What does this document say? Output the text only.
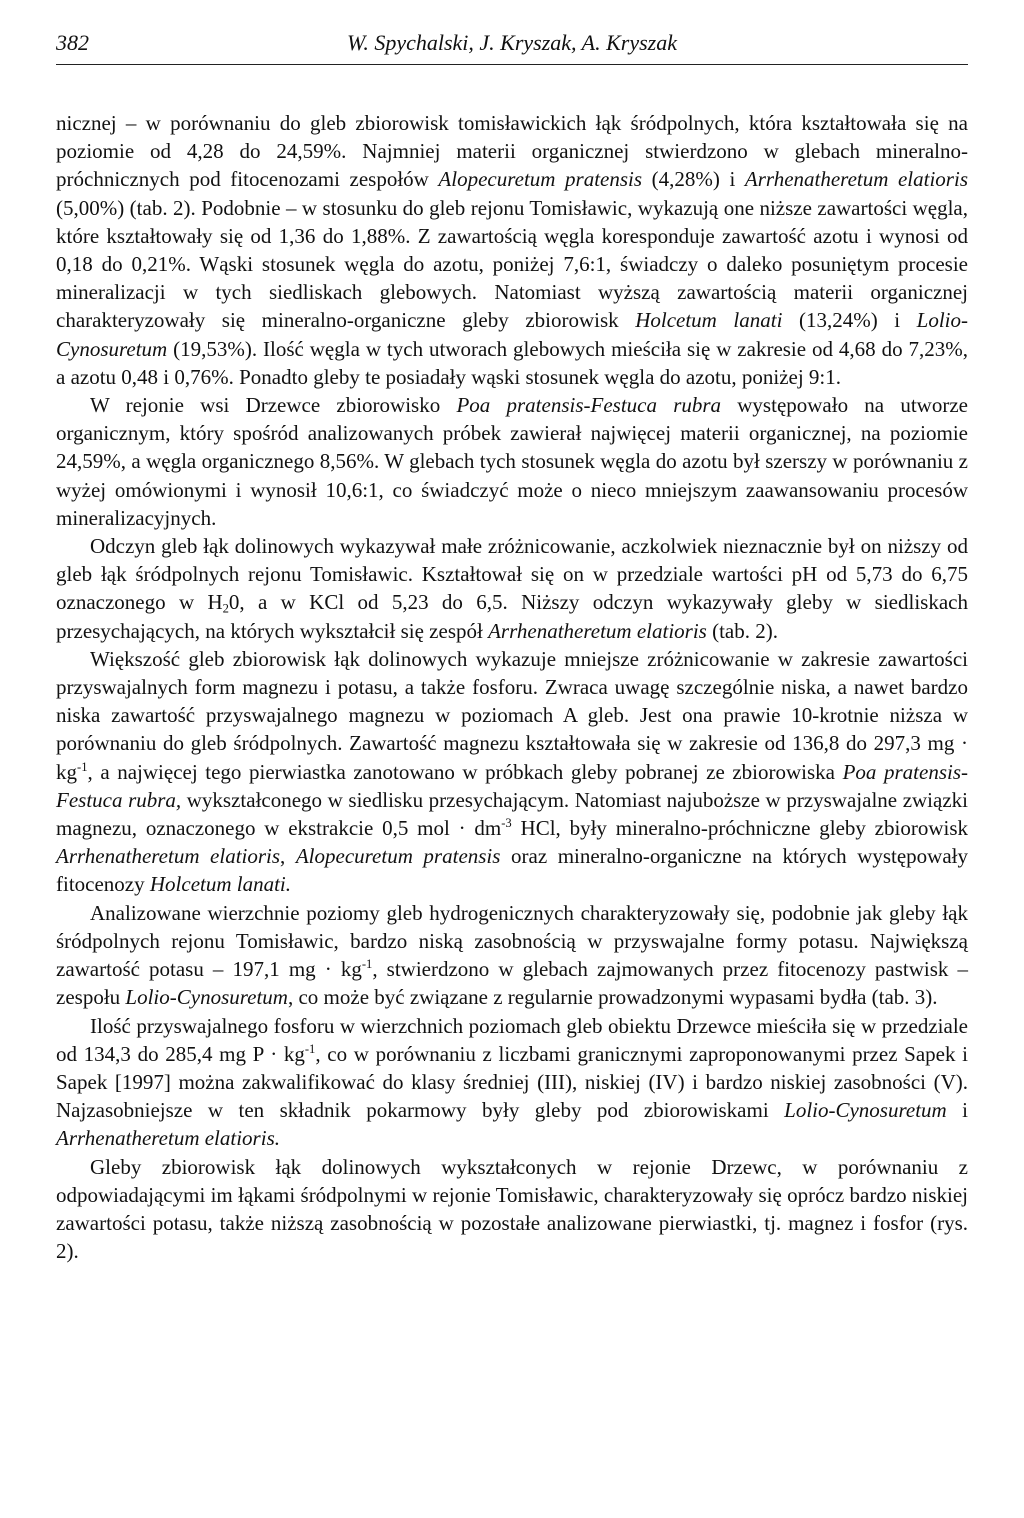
382	W. Spychalski, J. Kryszak, A. Kryszak

nicznej – w porównaniu do gleb zbiorowisk tomisławickich łąk śródpolnych, która kształtowała się na poziomie od 4,28 do 24,59%. Najmniej materii organicznej stwierdzono w glebach mineralno-próchnicznych pod fitocenozami zespołów Alopecuretum pratensis (4,28%) i Arrhenatheretum elatioris (5,00%) (tab. 2). Podobnie – w stosunku do gleb rejonu Tomisławic, wykazują one niższe zawartości węgla, które kształtowały się od 1,36 do 1,88%. Z zawartością węgla koresponduje zawartość azotu i wynosi od 0,18 do 0,21%. Wąski stosunek węgla do azotu, poniżej 7,6:1, świadczy o daleko posuniętym procesie mineralizacji w tych siedliskach glebowych. Natomiast wyższą zawartością materii organicznej charakteryzowały się mineralno-organiczne gleby zbiorowisk Holcetum lanati (13,24%) i Lolio-Cynosuretum (19,53%). Ilość węgla w tych utworach glebowych mieściła się w zakresie od 4,68 do 7,23%, a azotu 0,48 i 0,76%. Ponadto gleby te posiadały wąski stosunek węgla do azotu, poniżej 9:1.

W rejonie wsi Drzewce zbiorowisko Poa pratensis-Festuca rubra występowało na utworze organicznym, który spośród analizowanych próbek zawierał najwięcej materii organicznej, na poziomie 24,59%, a węgla organicznego 8,56%. W glebach tych stosunek węgla do azotu był szerszy w porównaniu z wyżej omówionymi i wynosił 10,6:1, co świadczyć może o nieco mniejszym zaawansowaniu procesów mineralizacyjnych.

Odczyn gleb łąk dolinowych wykazywał małe zróżnicowanie, aczkolwiek nieznacznie był on niższy od gleb łąk śródpolnych rejonu Tomisławic. Kształtował się on w przedziale wartości pH od 5,73 do 6,75 oznaczonego w $H_20$, a w KCl od 5,23 do 6,5. Niższy odczyn wykazywały gleby w siedliskach przesychających, na których wykształcił się zespół Arrhenatheretum elatioris (tab. 2).

Większość gleb zbiorowisk łąk dolinowych wykazuje mniejsze zróżnicowanie w zakresie zawartości przyswajalnych form magnezu i potasu, a także fosforu. Zwraca uwagę szczególnie niska, a nawet bardzo niska zawartość przyswajalnego magnezu w poziomach A gleb. Jest ona prawie 10-krotnie niższa w porównaniu do gleb śródpolnych. Zawartość magnezu kształtowała się w zakresie od 136,8 do 297,3 mg · $kg^{-1}$, a najwięcej tego pierwiastka zanotowano w próbkach gleby pobranej ze zbiorowiska Poa pratensis-Festuca rubra, wykształconego w siedlisku przesychającym. Natomiast najuboższe w przyswajalne związki magnezu, oznaczonego w ekstrakcie 0,5 mol · $dm^{-3}$ HCl, były mineralno-próchniczne gleby zbiorowisk Arrhenatheretum elatioris, Alopecuretum pratensis oraz mineralno-organiczne na których występowały fitocenozy Holcetum lanati.

Analizowane wierzchnie poziomy gleb hydrogenicznych charakteryzowały się, podobnie jak gleby łąk śródpolnych rejonu Tomisławic, bardzo niską zasobnością w przyswajalne formy potasu. Największą zawartość potasu – 197,1 mg · $kg^{-1}$, stwierdzono w glebach zajmowanych przez fitocenozy pastwisk – zespołu Lolio-Cynosuretum, co może być związane z regularnie prowadzonymi wypasami bydła (tab. 3).

Ilość przyswajalnego fosforu w wierzchnich poziomach gleb obiektu Drzewce mieściła się w przedziale od 134,3 do 285,4 mg $P \cdot kg^{-1}$, co w porównaniu z liczbami granicznymi zaproponowanymi przez Sapek i Sapek [1997] można zakwalifikować do klasy średniej (III), niskiej (IV) i bardzo niskiej zasobności (V). Najzasobniejsze w ten składnik pokarmowy były gleby pod zbiorowiskami Lolio-Cynosuretum i Arrhenatheretum elatioris.

Gleby zbiorowisk łąk dolinowych wykształconych w rejonie Drzewc, w porównaniu z odpowiadającymi im łąkami śródpolnymi w rejonie Tomisławic, charakteryzowały się oprócz bardzo niskiej zawartości potasu, także niższą zasobnością w pozostałe analizowane pierwiastki, tj. magnez i fosfor (rys. 2).
